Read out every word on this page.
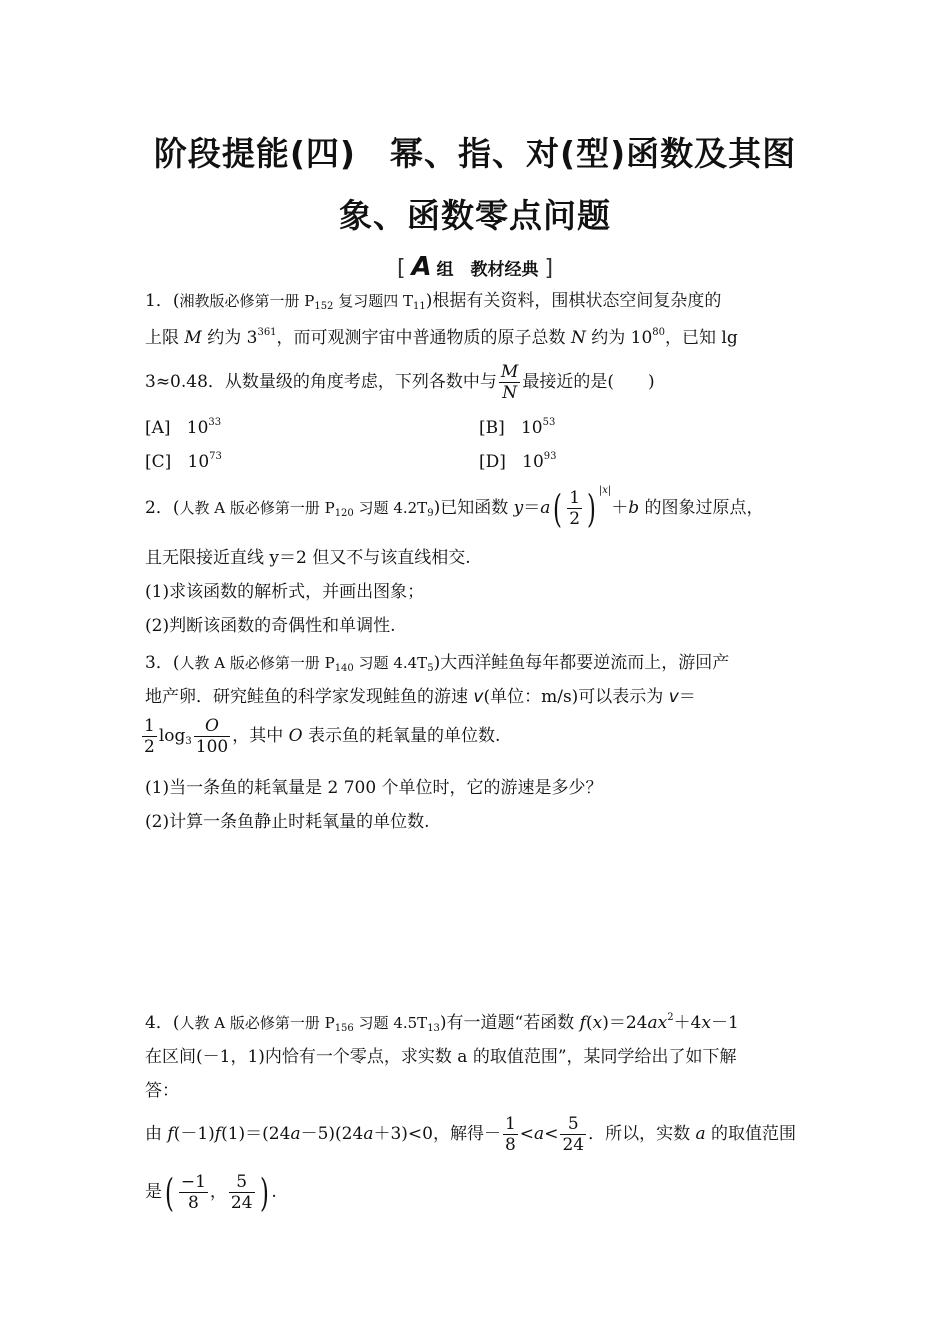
阶段提能(四)　幂、指、对(型)函数及其图
象、函数零点问题
[ A 组　教材经典 ]
1．(湘教版必修第一册 $P_{152}$ 复习题四 $T_{11}$)根据有关资料，围棋状态空间复杂度的
上限 M 约为 $3^{361}$，而可观测宇宙中普通物质的原子总数 N 约为 $10^{80}$，已知 lg
3≈0.48．从数量级的角度考虑，下列各数中与 $\frac{M}{N}$ 最接近的是(　　)
[A] $10^{33}$	[B] $10^{53}$
[C] $10^{73}$	[D] $10^{93}$
2．(人教 A 版必修第一册 $P_{120}$ 习题 $4.2T_9$)已知函数 $y=a( \frac{1}{2}$ ) $^{|x|}$＋b 的图象过原点，
且无限接近直线 y＝2 但又不与该直线相交.
(1)求该函数的解析式，并画出图象；
(2)判断该函数的奇偶性和单调性.
3．(人教 A 版必修第一册 $P_{140}$ 习题 $4.4T_5$)大西洋鲑鱼每年都要逆流而上，游回产
地产卵．研究鲑鱼的科学家发现鲑鱼的游速 v(单位：m/s)可以表示为 v＝
$\frac{1}{2} \log_3 \frac{O}{100}$ ，其中 O 表示鱼的耗氧量的单位数.
(1)当一条鱼的耗氧量是 2 700 个单位时，它的游速是多少？
(2)计算一条鱼静止时耗氧量的单位数.
4．(人教 A 版必修第一册 $P_{156}$ 习题 $4.5T_{13}$)有一道题“若函数 $f(x)=24ax^2+4x-1$
在区间(－1，1)内恰有一个零点，求实数 a 的取值范围”，某同学给出了如下解
答：
由 f(－1)f(1)＝(24a－5)(24a＋3)<0，解得－ $\frac{1}{8} <a< \frac{5}{24}$ ．所以，实数 a 的取值范围
是( $\frac{-1}{8}$ ， $\frac{5}{24}$ ) .
